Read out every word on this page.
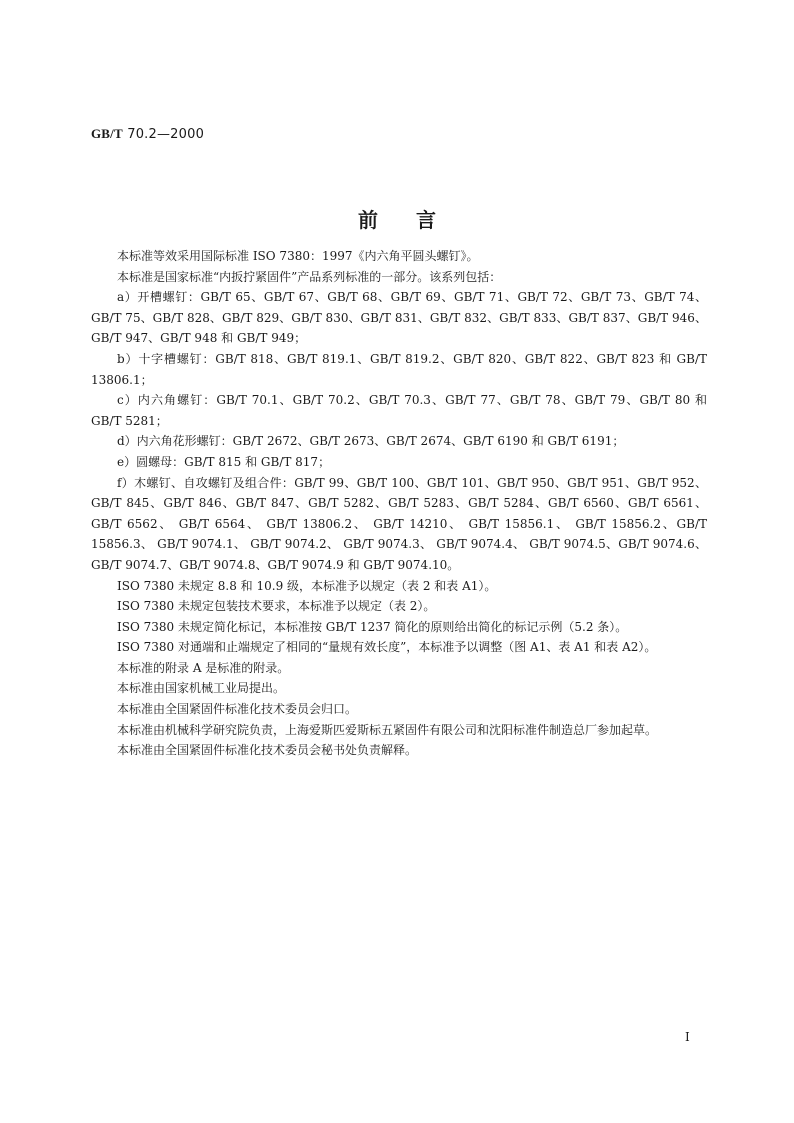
GB/T 70.2—2000
前言

本标准等效采用国际标准 ISO 7380：1997《内六角平圆头螺钉》。

本标准是国家标准“内扳拧紧固件”产品系列标准的一部分。该系列包括：

a）开槽螺钉：GB/T 65、GB/T 67、GB/T 68、GB/T 69、GB/T 71、GB/T 72、GB/T 73、GB/T 74、GB/T 75、GB/T 828、GB/T 829、GB/T 830、GB/T 831、GB/T 832、GB/T 833、GB/T 837、GB/T 946、GB/T 947、GB/T 948 和 GB/T 949；

b）十字槽螺钉：GB/T 818、GB/T 819.1、GB/T 819.2、GB/T 820、GB/T 822、GB/T 823 和 GB/T 13806.1；

c）内六角螺钉：GB/T 70.1、GB/T 70.2、GB/T 70.3、GB/T 77、GB/T 78、GB/T 79、GB/T 80 和 GB/T 5281；

d）内六角花形螺钉：GB/T 2672、GB/T 2673、GB/T 2674、GB/T 6190 和 GB/T 6191；

e）圆螺母：GB/T 815 和 GB/T 817；

f）木螺钉、自攻螺钉及组合件：GB/T 99、GB/T 100、GB/T 101、GB/T 950、GB/T 951、GB/T 952、GB/T 845、GB/T 846、GB/T 847、GB/T 5282、GB/T 5283、GB/T 5284、GB/T 6560、GB/T 6561、GB/T 6562、 GB/T 6564、 GB/T 13806.2、 GB/T 14210、 GB/T 15856.1、 GB/T 15856.2、GB/T 15856.3、 GB/T 9074.1、 GB/T 9074.2、 GB/T 9074.3、 GB/T 9074.4、 GB/T 9074.5、GB/T 9074.6、GB/T 9074.7、GB/T 9074.8、GB/T 9074.9 和 GB/T 9074.10。

ISO 7380 未规定 8.8 和 10.9 级，本标准予以规定（表 2 和表 A1）。

ISO 7380 未规定包装技术要求，本标准予以规定（表 2）。

ISO 7380 未规定简化标记，本标准按 GB/T 1237 简化的原则给出简化的标记示例（5.2 条）。

ISO 7380 对通端和止端规定了相同的“量规有效长度”，本标准予以调整（图 A1、表 A1 和表 A2）。

本标准的附录 A 是标准的附录。

本标准由国家机械工业局提出。

本标准由全国紧固件标准化技术委员会归口。

本标准由机械科学研究院负责，上海爱斯匹爱斯标五紧固件有限公司和沈阳标准件制造总厂参加起草。

本标准由全国紧固件标准化技术委员会秘书处负责解释。

I
